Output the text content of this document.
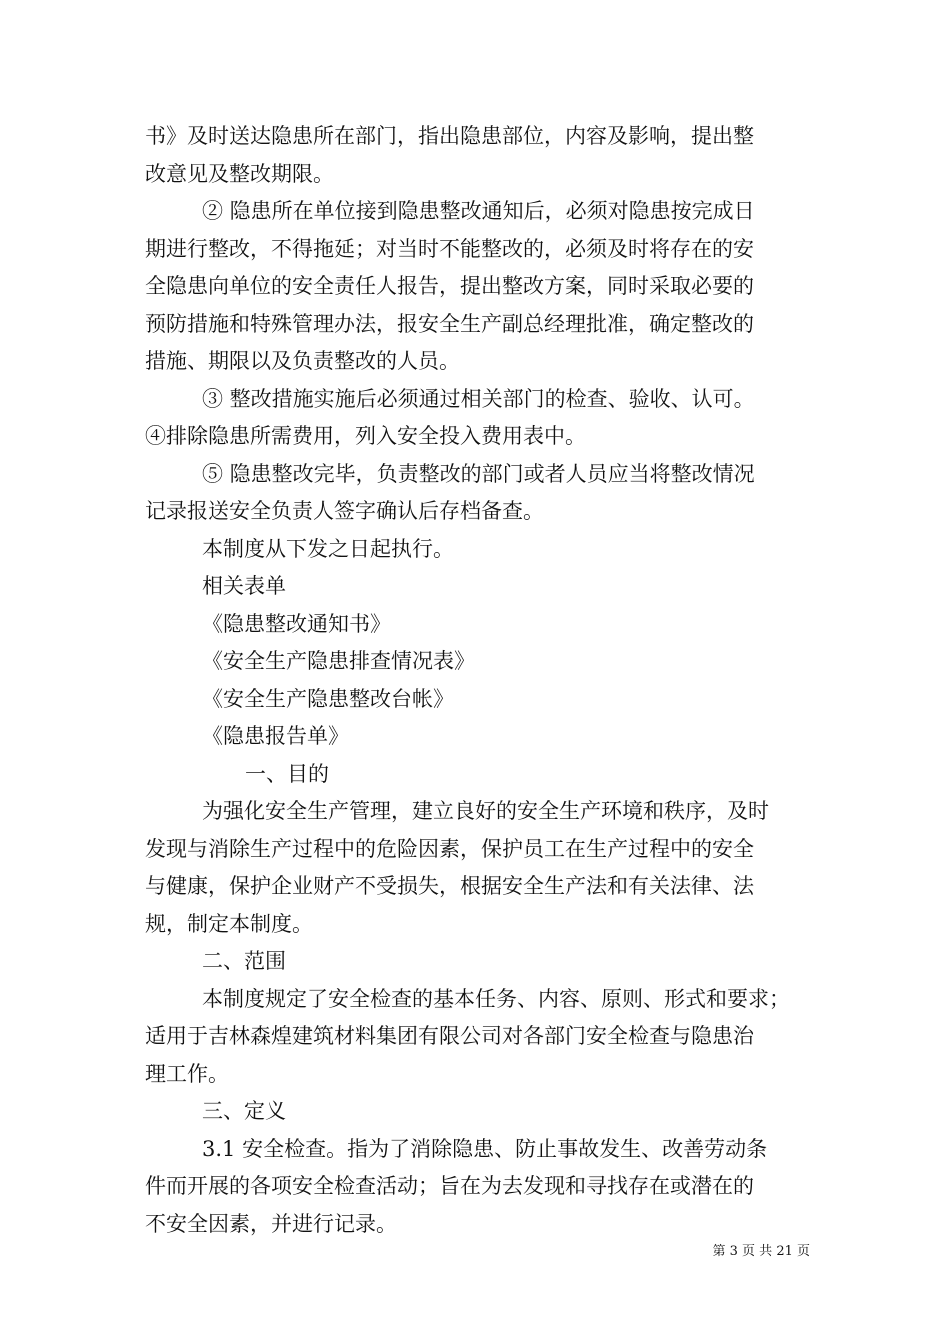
书》及时送达隐患所在部门，指出隐患部位，内容及影响，提出整
改意见及整改期限。
② 隐患所在单位接到隐患整改通知后，必须对隐患按完成日
期进行整改，不得拖延；对当时不能整改的，必须及时将存在的安
全隐患向单位的安全责任人报告，提出整改方案，同时采取必要的
预防措施和特殊管理办法，报安全生产副总经理批准，确定整改的
措施、期限以及负责整改的人员。
③ 整改措施实施后必须通过相关部门的检查、验收、认可。
④排除隐患所需费用，列入安全投入费用表中。
⑤ 隐患整改完毕，负责整改的部门或者人员应当将整改情况
记录报送安全负责人签字确认后存档备查。
本制度从下发之日起执行。
相关表单
《隐患整改通知书》
《安全生产隐患排查情况表》
《安全生产隐患整改台帐》
《隐患报告单》
一、目的
为强化安全生产管理，建立良好的安全生产环境和秩序，及时
发现与消除生产过程中的危险因素，保护员工在生产过程中的安全
与健康，保护企业财产不受损失，根据安全生产法和有关法律、法
规，制定本制度。
二、范围
本制度规定了安全检查的基本任务、内容、原则、形式和要求；
适用于吉林森煌建筑材料集团有限公司对各部门安全检查与隐患治
理工作。
三、定义
3.1 安全检查。指为了消除隐患、防止事故发生、改善劳动条
件而开展的各项安全检查活动；旨在为去发现和寻找存在或潜在的
不安全因素，并进行记录。
第 3 页 共 21 页
